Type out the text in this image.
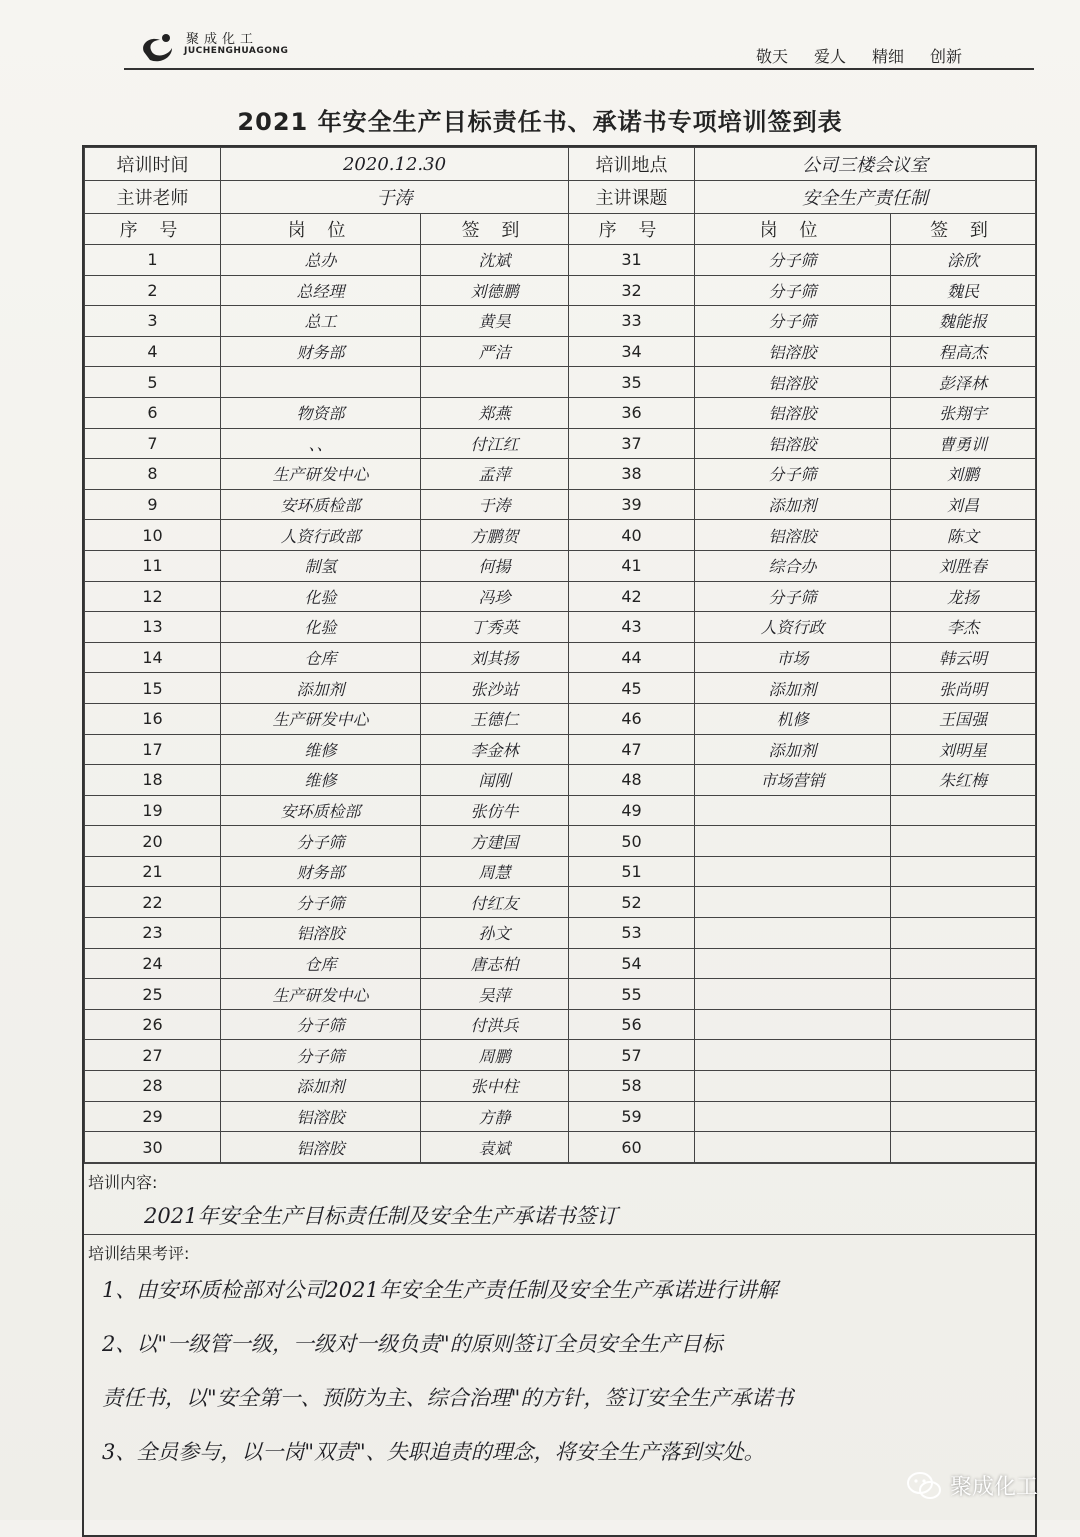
聚成化工
JUCHENGHUAGONG	敬天 爱人 精细 创新
2021 年安全生产目标责任书、承诺书专项培训签到表
培训时间	2020.12.30		培训地点	公司三楼会议室	
主讲老师	于涛		主讲课题	安全生产责任制	
序 号	岗 位	签 到	序 号	岗 位	签 到
1	总办	沈斌	31	分子筛	涂欣
2	总经理	刘德鹏	32	分子筛	魏民
3	总工	黄昊	33	分子筛	魏能报
4	财务部	严洁	34	铝溶胶	程高杰
5			35	铝溶胶	彭泽林
6	物资部	郑燕	36	铝溶胶	张翔宇
7	、、	付江红	37	铝溶胶	曹勇训
8	生产研发中心	孟萍	38	分子筛	刘鹏
9	安环质检部	于涛	39	添加剂	刘昌
10	人资行政部	方鹏贺	40	铝溶胶	陈文
11	制氢	何揚	41	综合办	刘胜春
12	化验	冯珍	42	分子筛	龙扬
13	化验	丁秀英	43	人资行政	李杰
14	仓库	刘其扬	44	市场	韩云明
15	添加剂	张沙站	45	添加剂	张尚明
16	生产研发中心	王德仁	46	机修	王国强
17	维修	李金林	47	添加剂	刘明星
18	维修	闻刚	48	市场营销	朱红梅
19	安环质检部	张仿牛	49		
20	分子筛	方建国	50		
21	财务部	周慧	51		
22	分子筛	付红友	52		
23	铝溶胶	孙文	53		
24	仓库	唐志柏	54		
25	生产研发中心	吴萍	55		
26	分子筛	付洪兵	56		
27	分子筛	周鹏	57		
28	添加剂	张中柱	58		
29	铝溶胶	方静	59		
30	铝溶胶	袁斌	60		
培训内容:
2021年安全生产目标责任制及安全生产承诺书签订
培训结果考评:
1、由安环质检部对公司2021年安全生产责任制及安全生产承诺进行讲解
2、以"一级管一级，一级对一级负责"的原则签订全员安全生产目标
责任书，以"安全第一、预防为主、综合治理"的方针，签订安全生产承诺书
3、全员参与，以一岗"双责"、失职追责的理念，将安全生产落到实处。
聚成化工
